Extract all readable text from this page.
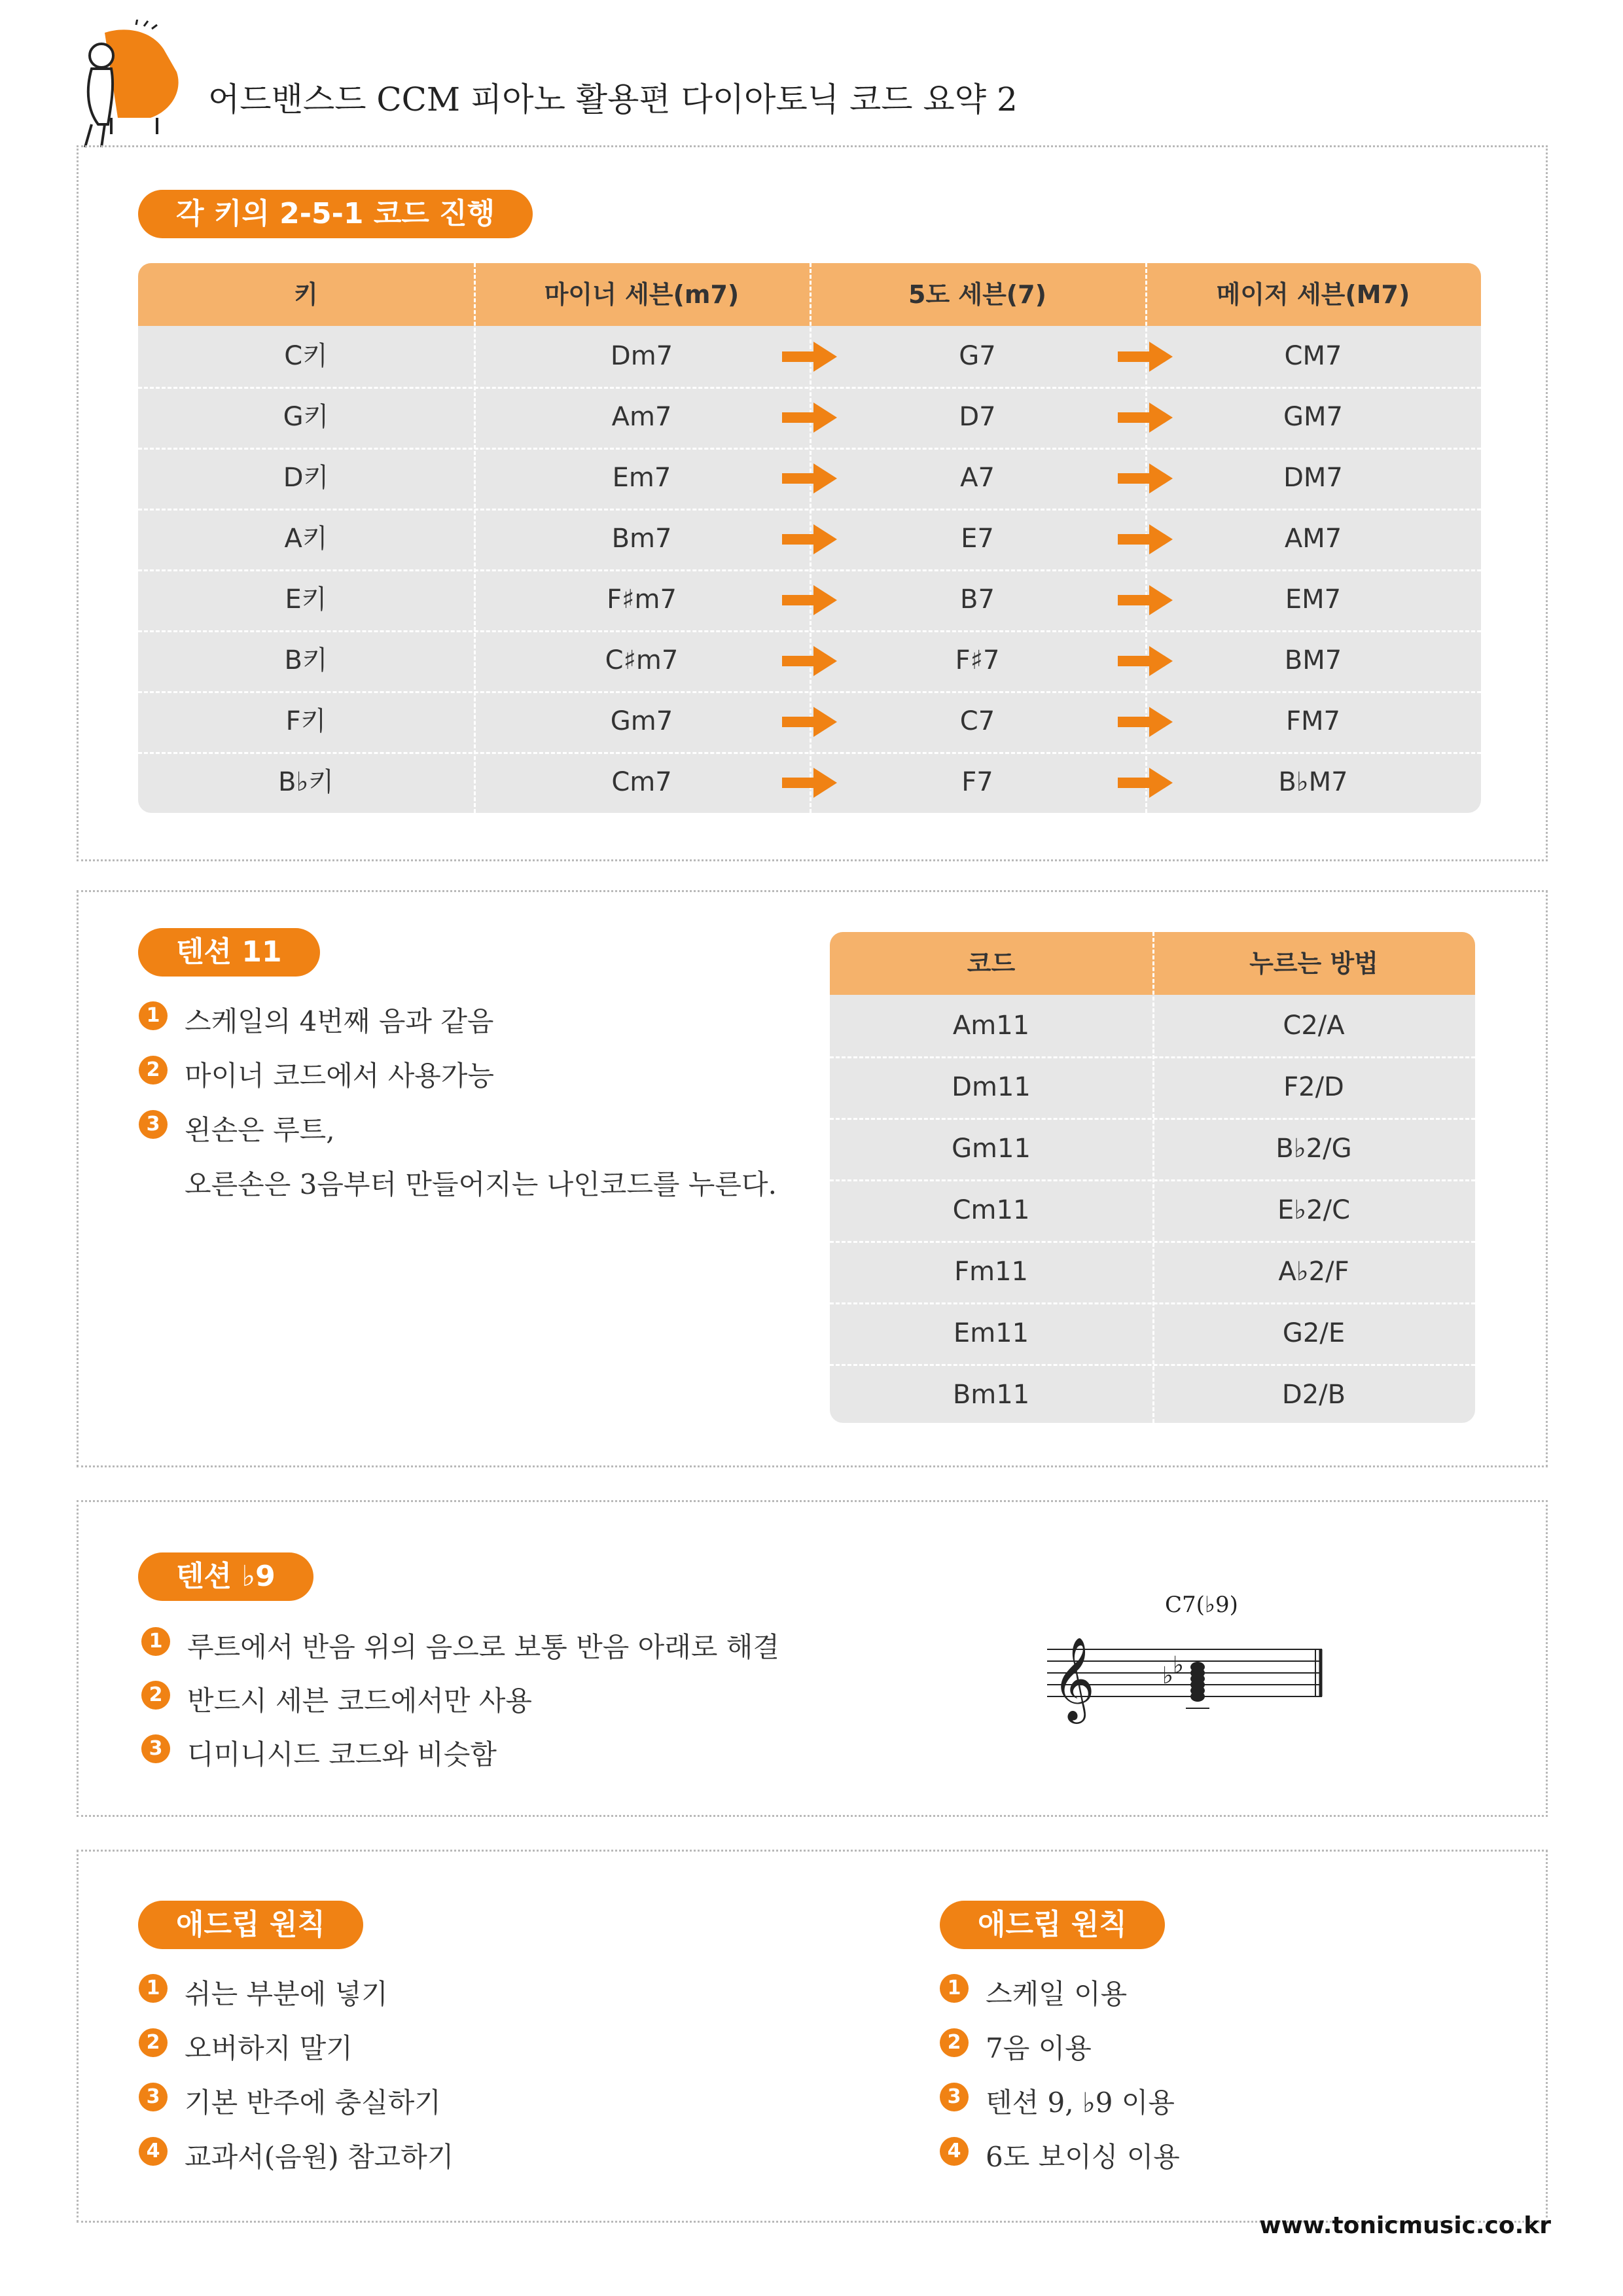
어드밴스드 CCM 피아노 활용편 다이아토닉 코드 요약 2
각 키의 2-5-1 코드 진행
키	마이너 세븐(m7)	5도 세븐(7)	메이저 세븐(M7)
C키	Dm7	G7	CM7
G키	Am7	D7	GM7
D키	Em7	A7	DM7
A키	Bm7	E7	AM7
E키	F♯m7	B7	EM7
B키	C♯m7	F♯7	BM7
F키	Gm7	C7	FM7
B♭키	Cm7	F7	B♭M7
텐션 11
1 스케일의 4번째 음과 같음
2 마이너 코드에서 사용가능
3 왼손은 루트,
오른손은 3음부터 만들어지는 나인코드를 누른다.
코드	누르는 방법
Am11	C2/A
Dm11	F2/D
Gm11	B♭2/G
Cm11	E♭2/C
Fm11	A♭2/F
Em11	G2/E
Bm11	D2/B
텐션 ♭9
1 루트에서 반음 위의 음으로 보통 반음 아래로 해결
2 반드시 세븐 코드에서만 사용
3 디미니시드 코드와 비슷함
C7(♭9)
𝄞	♭ ♭
애드립 원칙	애드립 원칙
1 쉬는 부분에 넣기
2 오버하지 말기
3 기본 반주에 충실하기
4 교과서(음원) 참고하기
1 스케일 이용
2 7음 이용
3 텐션 9, ♭9 이용
4 6도 보이싱 이용
www.tonicmusic.co.kr
